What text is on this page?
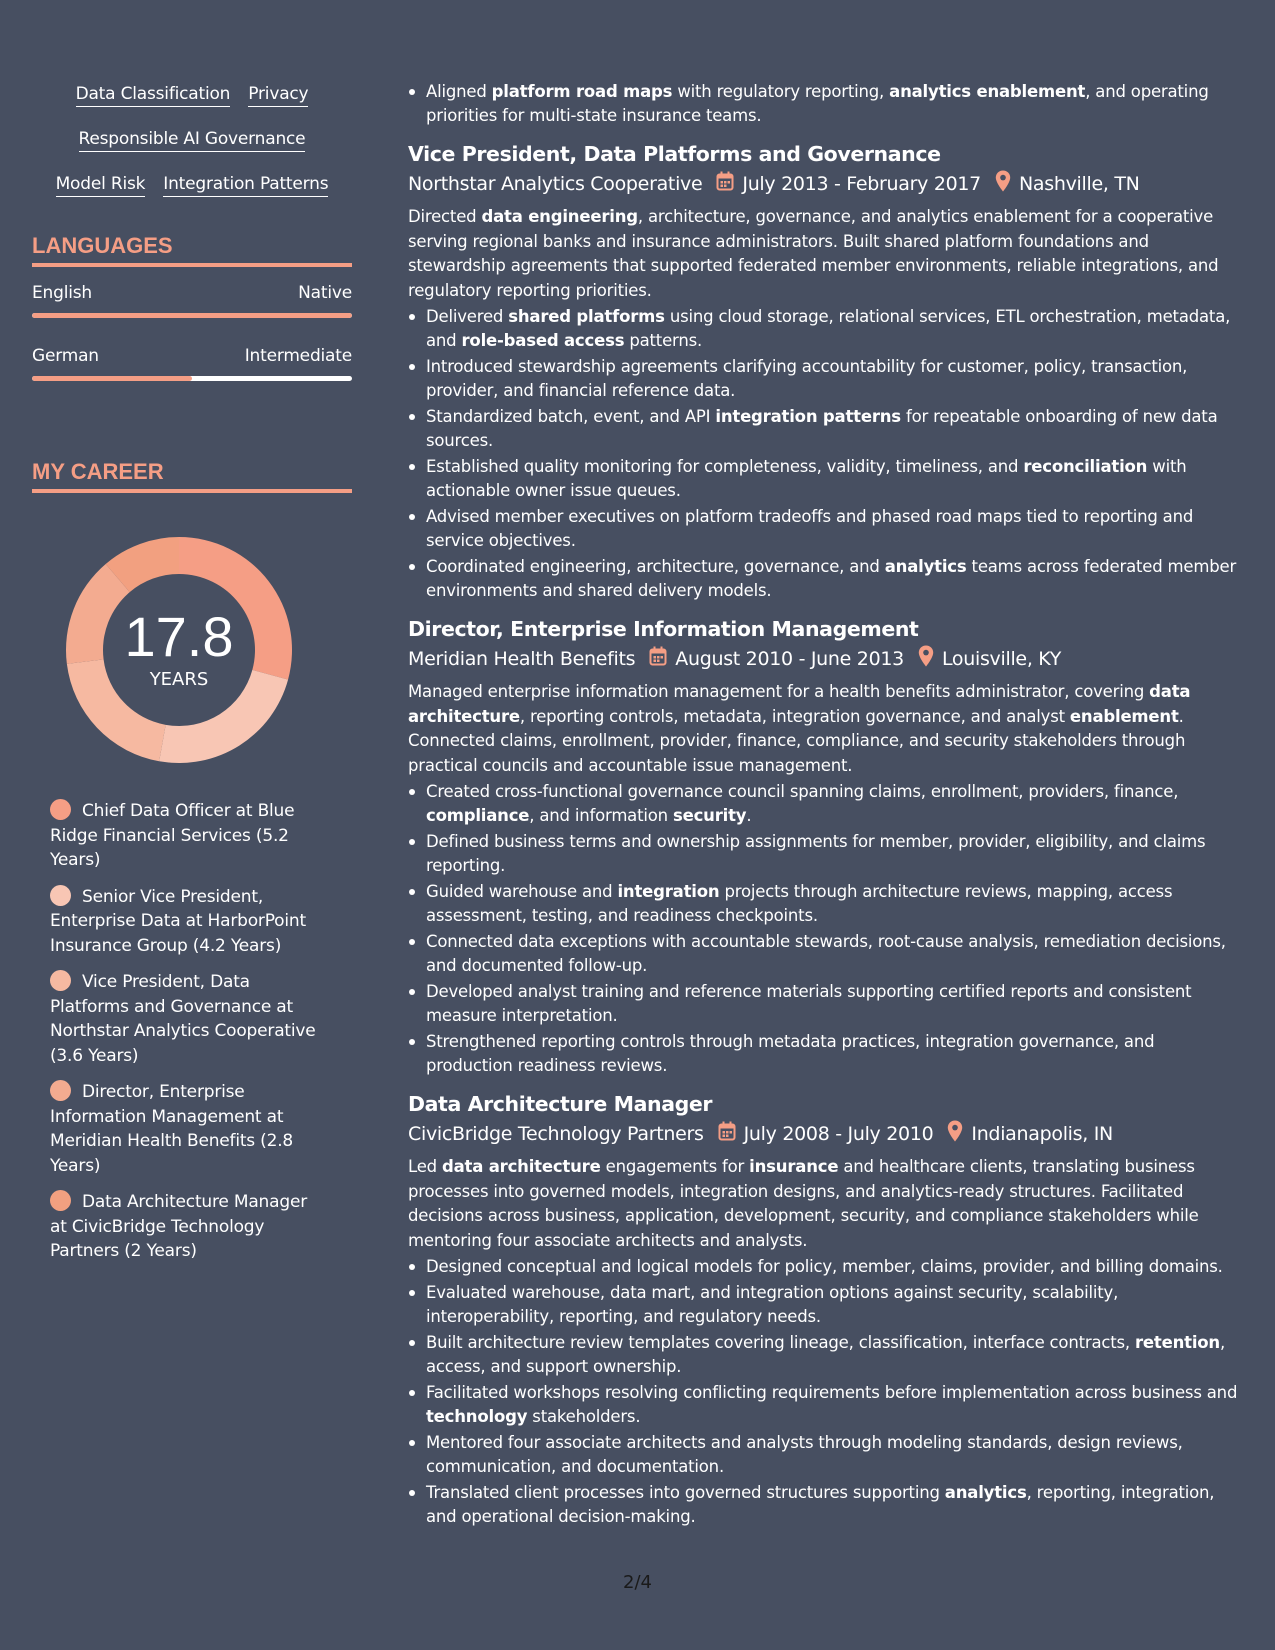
Data Classification Privacy
Responsible AI Governance
Model Risk Integration Patterns
LANGUAGES
English	Native
German	Intermediate
MY CAREER
17.8
YEARS
Chief Data Officer at Blue Ridge Financial Services (5.2 Years)
Senior Vice President, Enterprise Data at HarborPoint Insurance Group (4.2 Years)
Vice President, Data Platforms and Governance at Northstar Analytics Cooperative (3.6 Years)
Director, Enterprise Information Management at Meridian Health Benefits (2.8 Years)
Data Architecture Manager at CivicBridge Technology Partners (2 Years)
Aligned platform road maps with regulatory reporting, analytics enablement, and operating priorities for multi-state insurance teams.
Vice President, Data Platforms and Governance
Northstar Analytics Cooperative July 2013 - February 2017 Nashville, TN

Directed data engineering, architecture, governance, and analytics enablement for a cooperative serving regional banks and insurance administrators. Built shared platform foundations and stewardship agreements that supported federated member environments, reliable integrations, and regulatory reporting priorities.

Delivered shared platforms using cloud storage, relational services, ETL orchestration, metadata, and role-based access patterns.
Introduced stewardship agreements clarifying accountability for customer, policy, transaction, provider, and financial reference data.
Standardized batch, event, and API integration patterns for repeatable onboarding of new data sources.
Established quality monitoring for completeness, validity, timeliness, and reconciliation with actionable owner issue queues.
Advised member executives on platform tradeoffs and phased road maps tied to reporting and service objectives.
Coordinated engineering, architecture, governance, and analytics teams across federated member environments and shared delivery models.
Director, Enterprise Information Management
Meridian Health Benefits August 2010 - June 2013 Louisville, KY

Managed enterprise information management for a health benefits administrator, covering data architecture, reporting controls, metadata, integration governance, and analyst enablement. Connected claims, enrollment, provider, finance, compliance, and security stakeholders through practical councils and accountable issue management.

Created cross-functional governance council spanning claims, enrollment, providers, finance, compliance, and information security.
Defined business terms and ownership assignments for member, provider, eligibility, and claims reporting.
Guided warehouse and integration projects through architecture reviews, mapping, access assessment, testing, and readiness checkpoints.
Connected data exceptions with accountable stewards, root-cause analysis, remediation decisions, and documented follow-up.
Developed analyst training and reference materials supporting certified reports and consistent measure interpretation.
Strengthened reporting controls through metadata practices, integration governance, and production readiness reviews.
Data Architecture Manager
CivicBridge Technology Partners July 2008 - July 2010 Indianapolis, IN

Led data architecture engagements for insurance and healthcare clients, translating business processes into governed models, integration designs, and analytics-ready structures. Facilitated decisions across business, application, development, security, and compliance stakeholders while mentoring four associate architects and analysts.

Designed conceptual and logical models for policy, member, claims, provider, and billing domains.
Evaluated warehouse, data mart, and integration options against security, scalability, interoperability, reporting, and regulatory needs.
Built architecture review templates covering lineage, classification, interface contracts, retention, access, and support ownership.
Facilitated workshops resolving conflicting requirements before implementation across business and technology stakeholders.
Mentored four associate architects and analysts through modeling standards, design reviews, communication, and documentation.
Translated client processes into governed structures supporting analytics, reporting, integration, and operational decision-making.
2/4
